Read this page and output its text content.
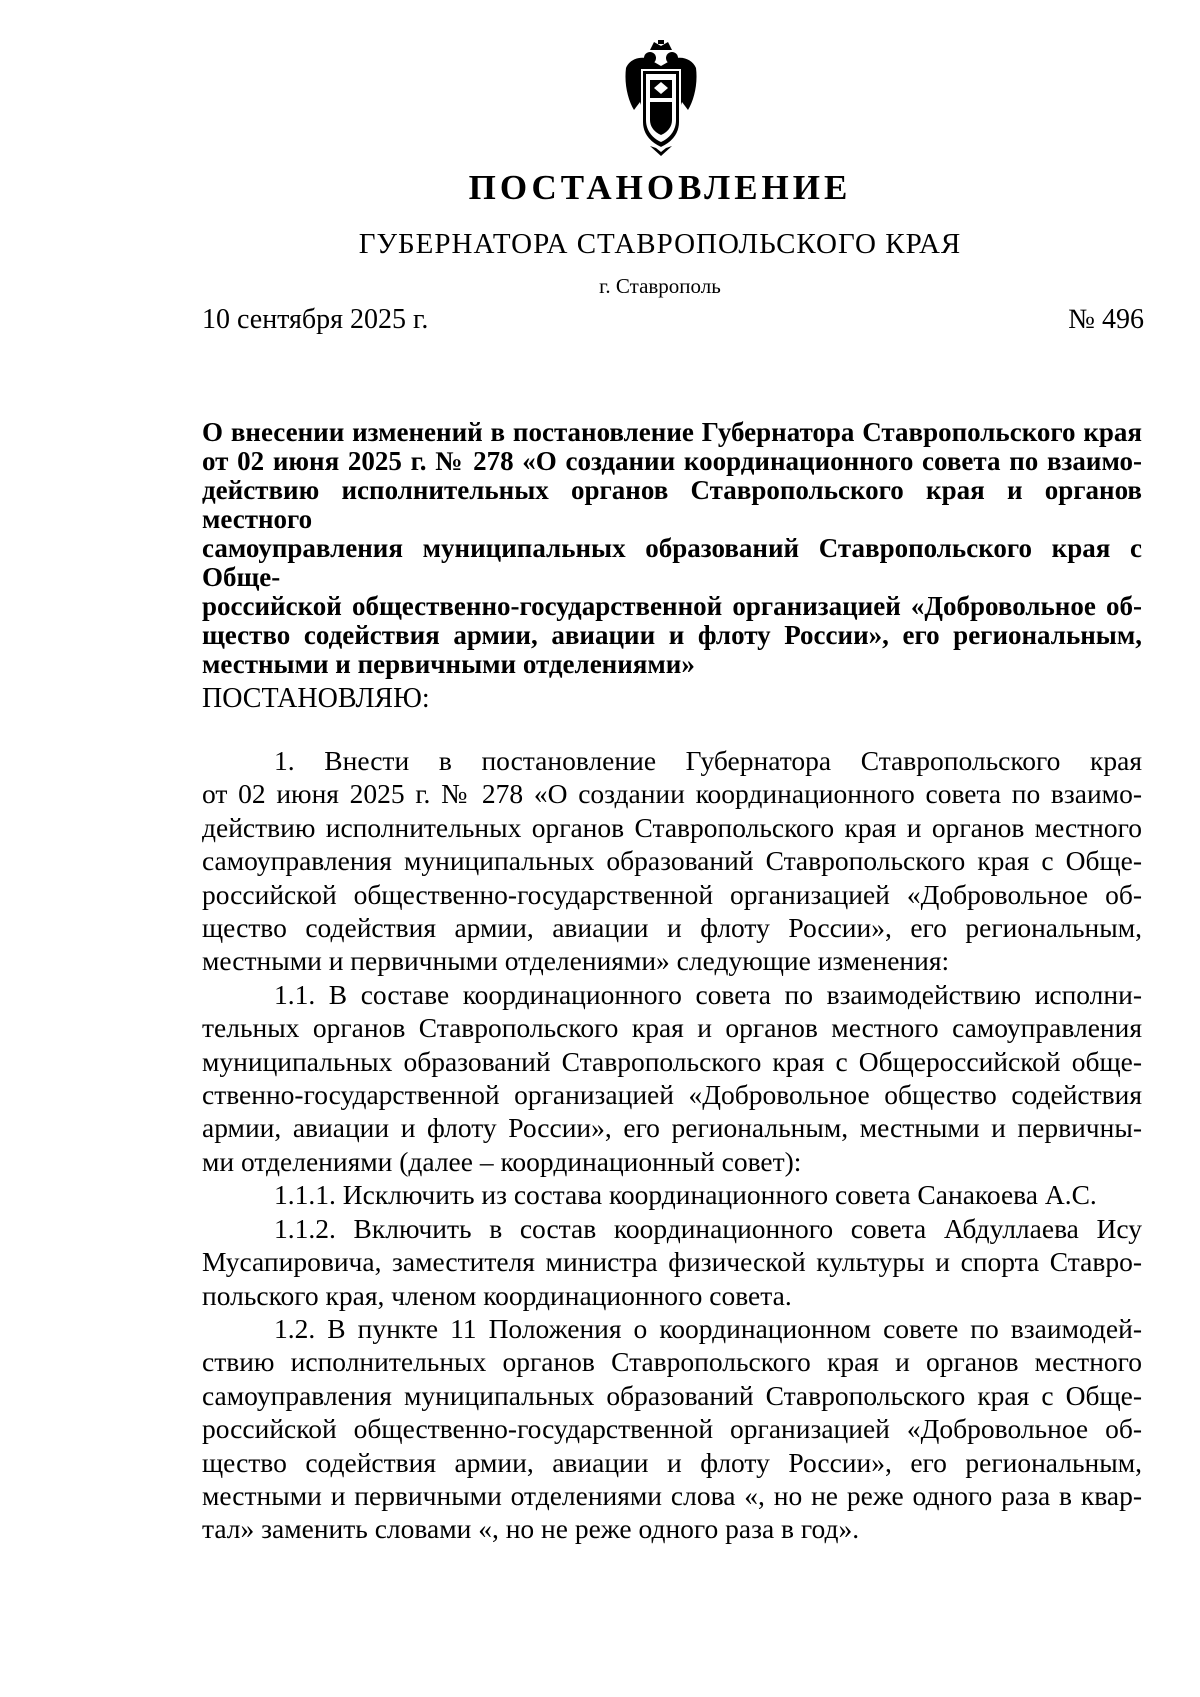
ПОСТАНОВЛЕНИЕ

ГУБЕРНАТОРА СТАВРОПОЛЬСКОГО КРАЯ

г. Ставрополь

10 сентября 2025 г.	№ 496

О внесении изменений в постановление Губернатора Ставропольского края
от 02 июня 2025 г. № 278 «О создании координационного совета по взаимо-
действию исполнительных органов Ставропольского края и органов местного
самоуправления муниципальных образований Ставропольского края с Обще-
российской общественно-государственной организацией «Добровольное об-
щество содействия армии, авиации и флоту России», его региональным,
местными и первичными отделениями»

ПОСТАНОВЛЯЮ:

1. Внести в постановление Губернатора Ставропольского края
от 02 июня 2025 г. № 278 «О создании координационного совета по взаимо-
действию исполнительных органов Ставропольского края и органов местного
самоуправления муниципальных образований Ставропольского края с Обще-
российской общественно-государственной организацией «Добровольное об-
щество содействия армии, авиации и флоту России», его региональным,
местными и первичными отделениями» следующие изменения:
1.1. В составе координационного совета по взаимодействию исполни-
тельных органов Ставропольского края и органов местного самоуправления
муниципальных образований Ставропольского края с Общероссийской обще-
ственно-государственной организацией «Добровольное общество содействия
армии, авиации и флоту России», его региональным, местными и первичны-
ми отделениями (далее – координационный совет):
1.1.1. Исключить из состава координационного совета Санакоева А.С.
1.1.2. Включить в состав координационного совета Абдуллаева Ису
Мусапировича, заместителя министра физической культуры и спорта Ставро-
польского края, членом координационного совета.
1.2. В пункте 11 Положения о координационном совете по взаимодей-
ствию исполнительных органов Ставропольского края и органов местного
самоуправления муниципальных образований Ставропольского края с Обще-
российской общественно-государственной организацией «Добровольное об-
щество содействия армии, авиации и флоту России», его региональным,
местными и первичными отделениями слова «, но не реже одного раза в квар-
тал» заменить словами «, но не реже одного раза в год».
